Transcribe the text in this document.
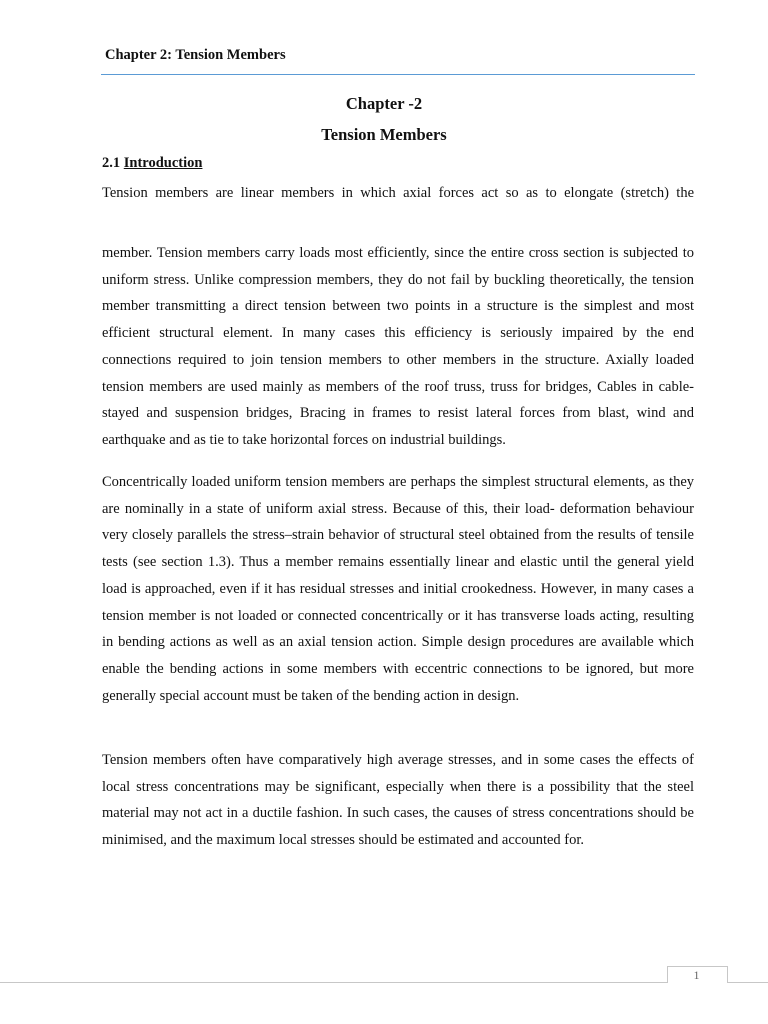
Chapter 2: Tension Members
Chapter -2
Tension Members
2.1 Introduction

Tension members are linear members in which axial forces act so as to elongate (stretch) the

member. Tension members carry loads most efficiently, since the entire cross section is subjected to uniform stress. Unlike compression members, they do not fail by buckling theoretically, the tension member transmitting a direct tension between two points in a structure is the simplest and most efficient structural element. In many cases this efficiency is seriously impaired by the end connections required to join tension members to other members in the structure. Axially loaded tension members are used mainly as members of the roof truss, truss for bridges, Cables in cable-stayed and suspension bridges, Bracing in frames to resist lateral forces from blast, wind and earthquake and as tie to take horizontal forces on industrial buildings.

Concentrically loaded uniform tension members are perhaps the simplest structural elements, as they are nominally in a state of uniform axial stress. Because of this, their load- deformation behaviour very closely parallels the stress–strain behavior of structural steel obtained from the results of tensile tests (see section 1.3). Thus a member remains essentially linear and elastic until the general yield load is approached, even if it has residual stresses and initial crookedness. However, in many cases a tension member is not loaded or connected concentrically or it has transverse loads acting, resulting in bending actions as well as an axial tension action. Simple design procedures are available which enable the bending actions in some members with eccentric connections to be ignored, but more generally special account must be taken of the bending action in design.

Tension members often have comparatively high average stresses, and in some cases the effects of local stress concentrations may be significant, especially when there is a possibility that the steel material may not act in a ductile fashion. In such cases, the causes of stress concentrations should be minimised, and the maximum local stresses should be estimated and accounted for.

1
